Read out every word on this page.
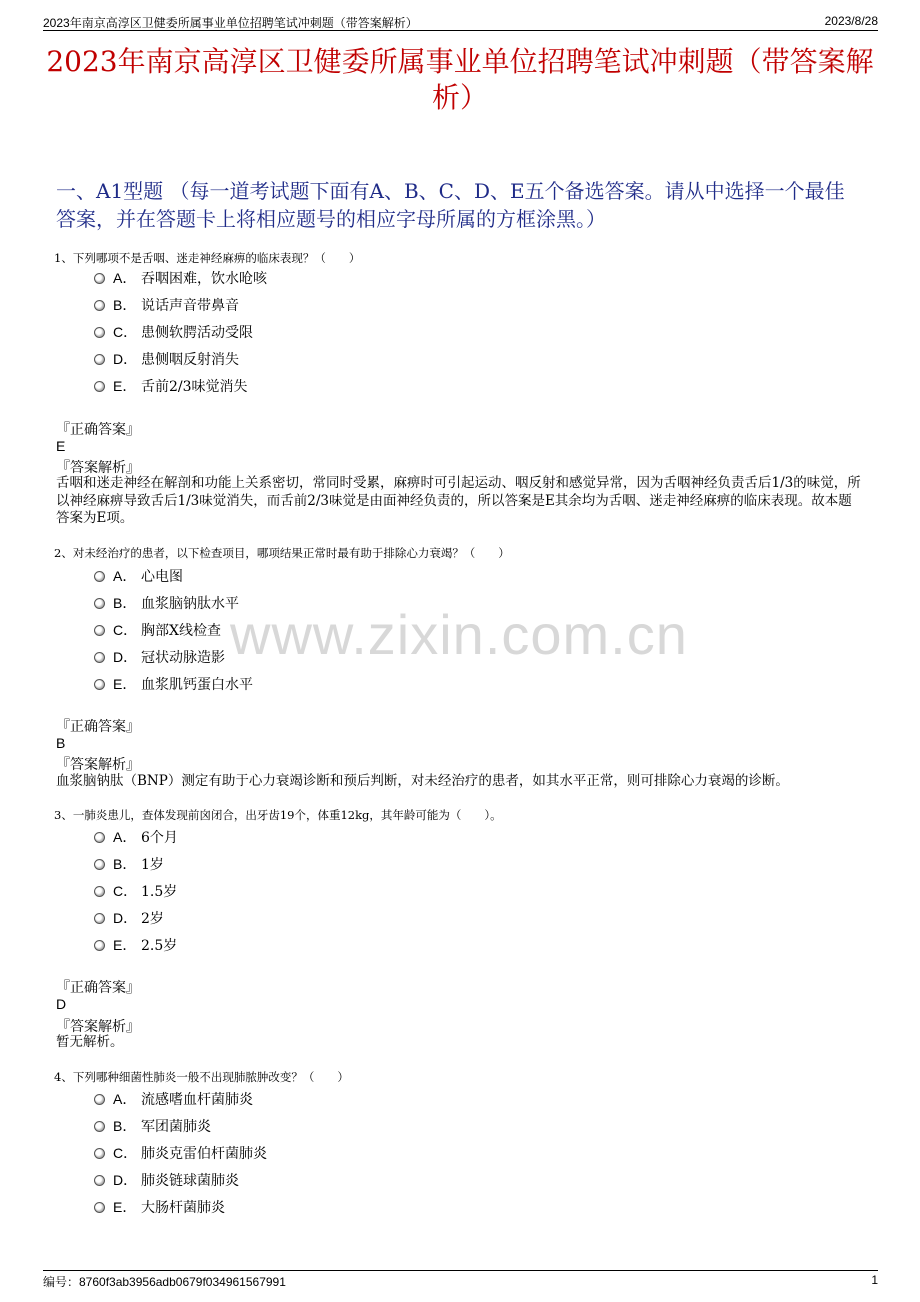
2023年南京高淳区卫健委所属事业单位招聘笔试冲刺题（带答案解析）	2023/8/28
2023年南京高淳区卫健委所属事业单位招聘笔试冲刺题（带答案解析）
一、A1型题 （每一道考试题下面有A、B、C、D、E五个备选答案。请从中选择一个最佳答案，并在答题卡上将相应题号的相应字母所属的方框涂黑。）
www.zixin.com.cn
1、下列哪项不是舌咽、迷走神经麻痹的临床表现？（　　）
A． 吞咽困难，饮水呛咳
B． 说话声音带鼻音
C． 患侧软腭活动受限
D． 患侧咽反射消失
E． 舌前2/3味觉消失
『正确答案』
E
『答案解析』
舌咽和迷走神经在解剖和功能上关系密切，常同时受累，麻痹时可引起运动、咽反射和感觉异常，因为舌咽神经负责舌后1/3的味觉，所以神经麻痹导致舌后1/3味觉消失，而舌前2/3味觉是由面神经负责的，所以答案是E其余均为舌咽、迷走神经麻痹的临床表现。故本题答案为E项。
2、对未经治疗的患者，以下检查项目，哪项结果正常时最有助于排除心力衰竭？（　　）
A． 心电图
B． 血浆脑钠肽水平
C． 胸部X线检查
D． 冠状动脉造影
E． 血浆肌钙蛋白水平
『正确答案』
B
『答案解析』
血浆脑钠肽（BNP）测定有助于心力衰竭诊断和预后判断，对未经治疗的患者，如其水平正常，则可排除心力衰竭的诊断。
3、一肺炎患儿，查体发现前囟闭合，出牙齿19个，体重12kg，其年龄可能为（　　）。
A． 6个月
B． 1岁
C． 1.5岁
D． 2岁
E． 2.5岁
『正确答案』
D
『答案解析』
暂无解析。
4、下列哪种细菌性肺炎一般不出现肺脓肿改变？（　　）
A． 流感嗜血杆菌肺炎
B． 军团菌肺炎
C． 肺炎克雷伯杆菌肺炎
D． 肺炎链球菌肺炎
E． 大肠杆菌肺炎
编号：8760f3ab3956adb0679f034961567991	1
